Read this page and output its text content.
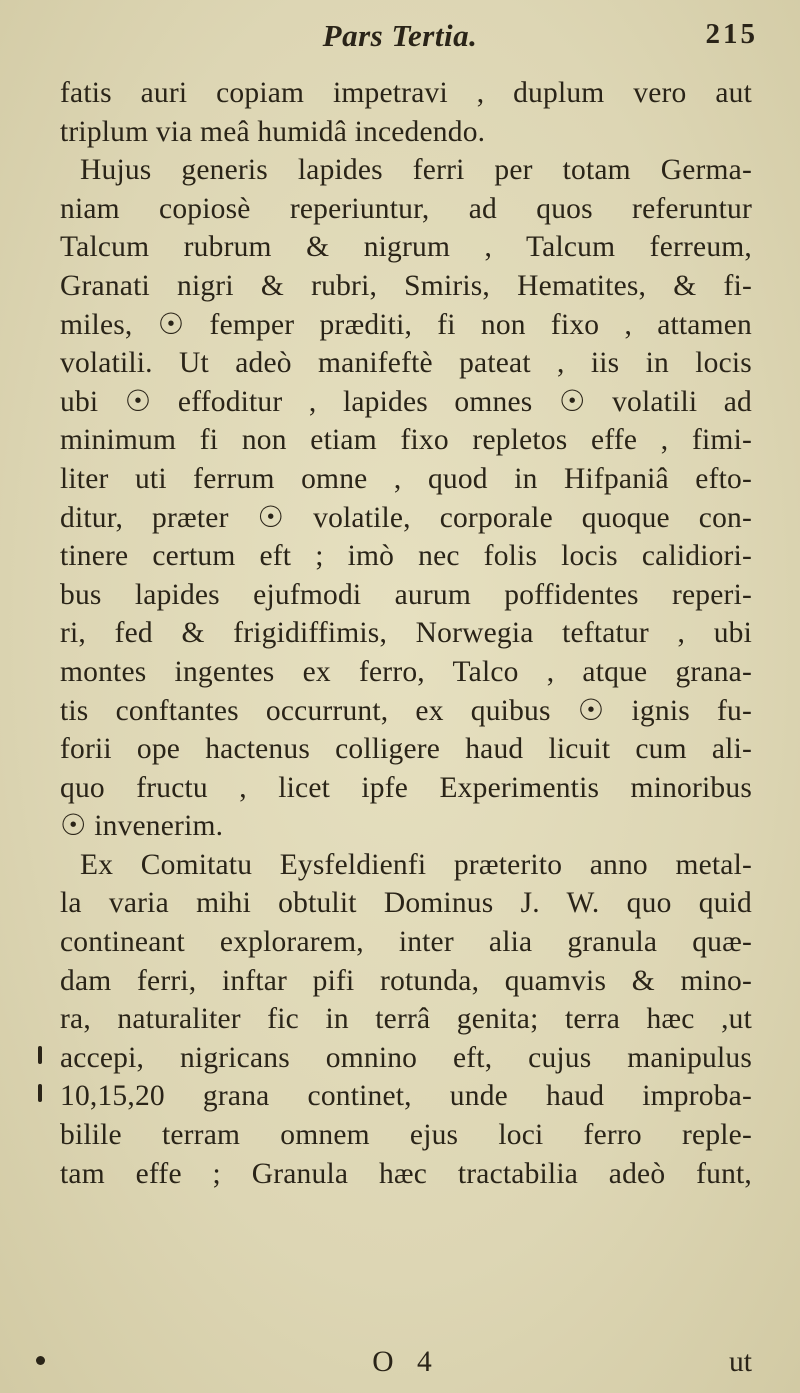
Pars Tertia.	215
fatis auri copiam impetravi , duplum vero aut
triplum via meâ humidâ incedendo.
Hujus generis lapides ferri per totam Germa-
niam copiosè reperiuntur, ad quos referuntur
Talcum rubrum & nigrum , Talcum ferreum,
Granati nigri & rubri, Smiris, Hematites, & fi-
miles, ☉ femper præditi, fi non fixo , attamen
volatili. Ut adeò manifeftè pateat , iis in locis
ubi ☉ effoditur , lapides omnes ☉ volatili ad
minimum fi non etiam fixo repletos effe , fimi-
liter uti ferrum omne , quod in Hifpaniâ efto-
ditur, præter ☉ volatile, corporale quoque con-
tinere certum eft ; imò nec folis locis calidiori-
bus lapides ejufmodi aurum poffidentes reperi-
ri, fed & frigidiffimis, Norwegia teftatur , ubi
montes ingentes ex ferro, Talco , atque grana-
tis conftantes occurrunt, ex quibus ☉ ignis fu-
forii ope hactenus colligere haud licuit cum ali-
quo fructu , licet ipfe Experimentis minoribus
☉ invenerim.
Ex Comitatu Eysfeldienfi præterito anno metal-
la varia mihi obtulit Dominus J. W. quo quid
contineant explorarem, inter alia granula quæ-
dam ferri, inftar pifi rotunda, quamvis & mino-
ra, naturaliter fic in terrâ genita; terra hæc ,ut
accepi, nigricans omnino eft, cujus manipulus
10,15,20 grana continet, unde haud improba-
bilile terram omnem ejus loci ferro reple-
tam effe ; Granula hæc tractabilia adeò funt,
O 4	ut
